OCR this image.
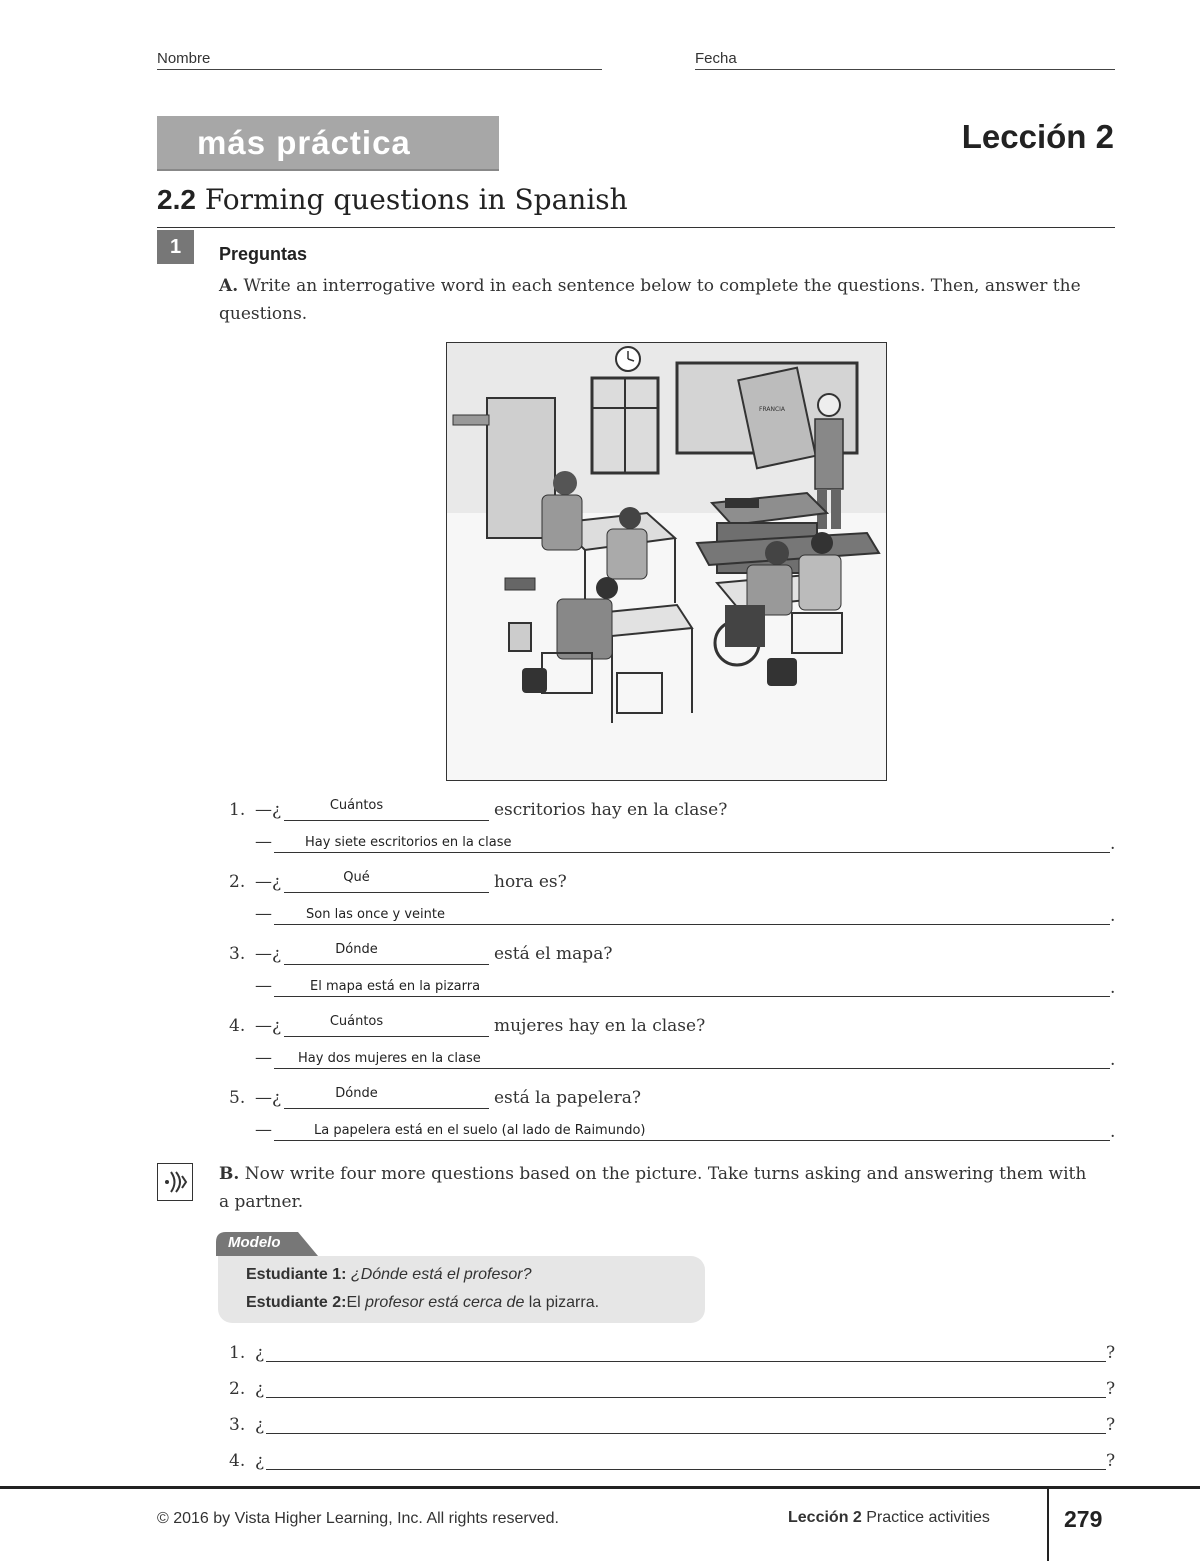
Nombre	Fecha
más práctica	Lección 2
2.2 Forming questions in Spanish
1	Preguntas
A. Write an interrogative word in each sentence below to complete the questions. Then, answer the
questions.
FRANCIA
1. —¿	Cuántos	escritorios hay en la clase?
—	Hay siete escritorios en la clase	.
2. —¿	Qué	hora es?
—	Son las once y veinte	.
3. —¿	Dónde	está el mapa?
—	El mapa está en la pizarra	.
4. —¿	Cuántos	mujeres hay en la clase?
— Hay dos mujeres en la clase	.
5. —¿	Dónde	está la papelera?
—	La papelera está en el suelo (al lado de Raimundo)	.
B. Now write four more questions based on the picture. Take turns asking and answering them with
a partner.
Modelo
Estudiante 1: ¿Dónde está el profesor?
Estudiante 2:El profesor está cerca de la pizarra.
1. ¿	?
2. ¿	?
3. ¿	?
4. ¿	?
© 2016 by Vista Higher Learning, Inc. All rights reserved.	Lección 2 Practice activities	279
